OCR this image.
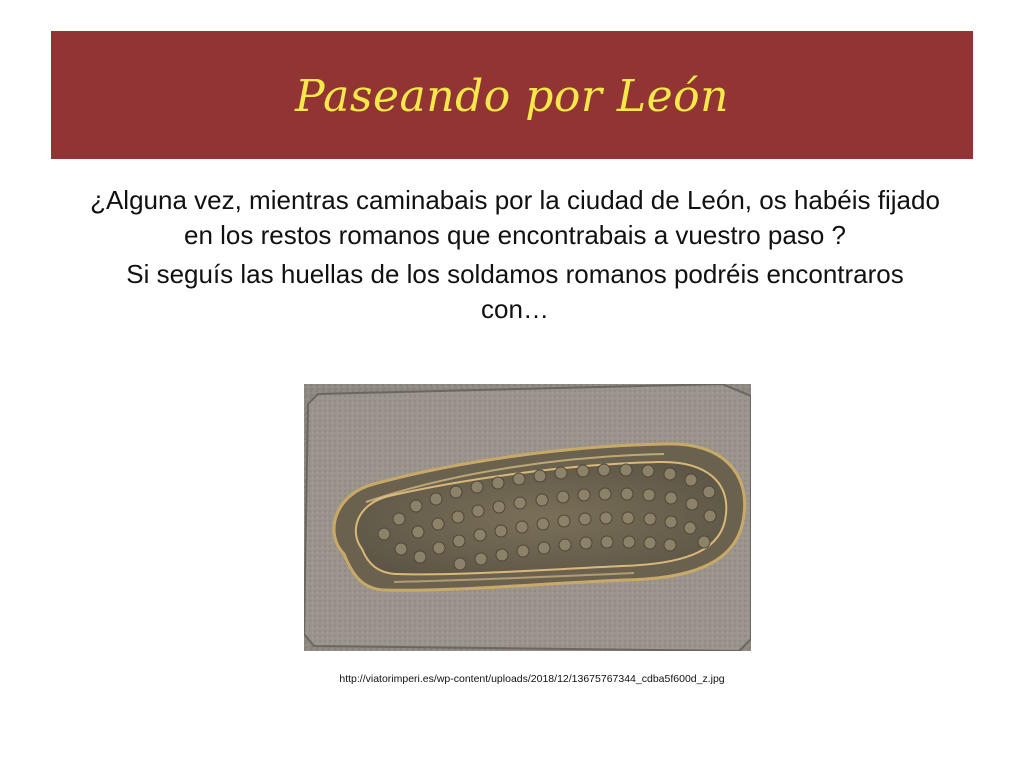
Paseando por León

¿Alguna vez, mientras caminabais por la ciudad de León, os habéis fijado en los restos romanos que encontrabais a vuestro paso ?

Si seguís las huellas de los soldamos romanos podréis encontraros con…

http://viatorimperi.es/wp-content/uploads/2018/12/13675767344_cdba5f600d_z.jpg
